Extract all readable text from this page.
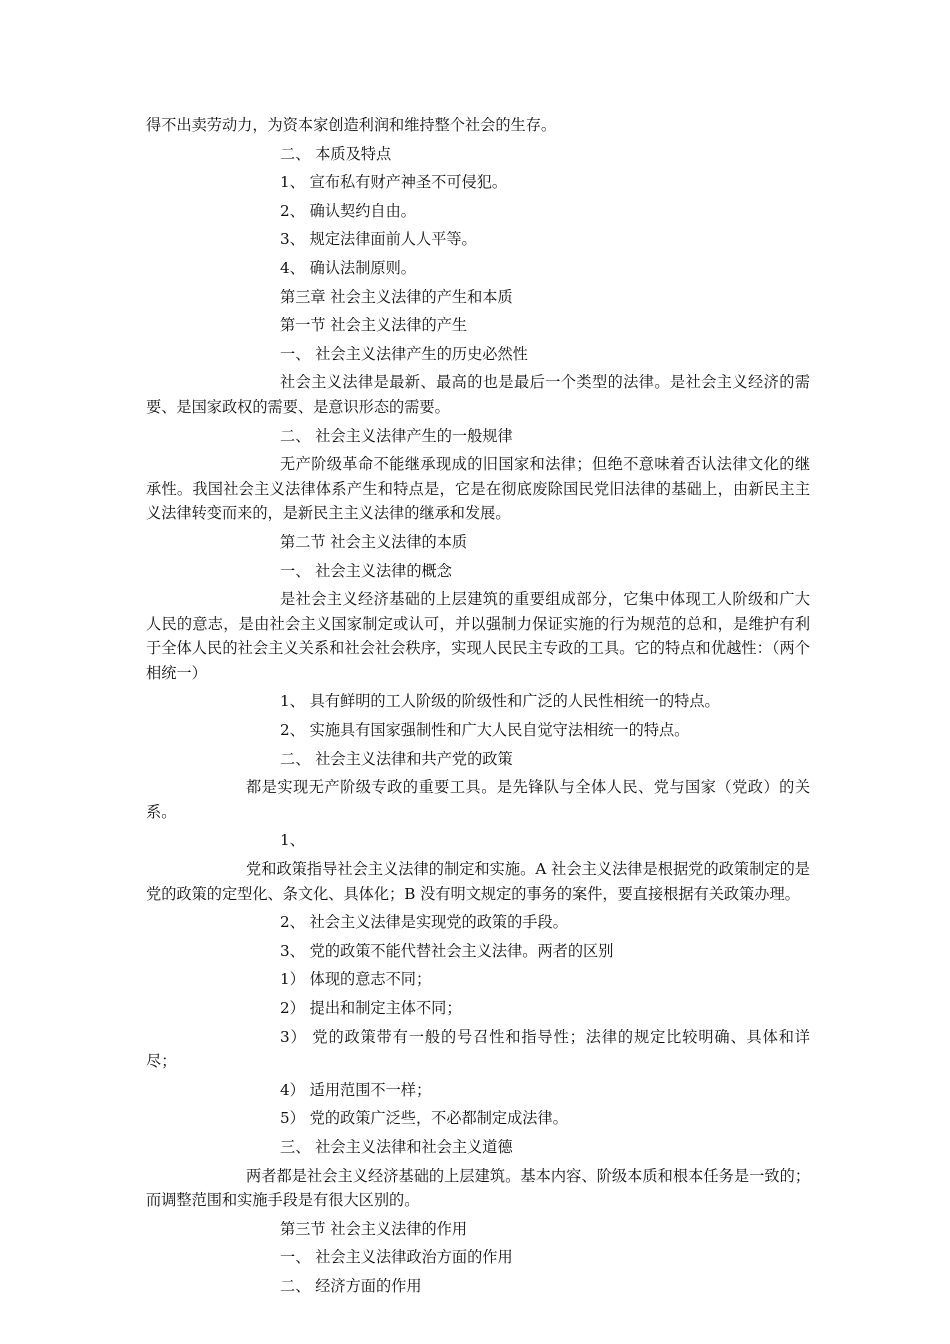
得不出卖劳动力，为资本家创造利润和维持整个社会的生存。
二、 本质及特点
1、 宣布私有财产神圣不可侵犯。
2、 确认契约自由。
3、 规定法律面前人人平等。
4、 确认法制原则。
第三章 社会主义法律的产生和本质
第一节 社会主义法律的产生
一、 社会主义法律产生的历史必然性
社会主义法律是最新、最高的也是最后一个类型的法律。是社会主义经济的需要、是国家政权的需要、是意识形态的需要。
二、 社会主义法律产生的一般规律
无产阶级革命不能继承现成的旧国家和法律；但绝不意味着否认法律文化的继承性。我国社会主义法律体系产生和特点是，它是在彻底废除国民党旧法律的基础上，由新民主主义法律转变而来的，是新民主主义法律的继承和发展。
第二节 社会主义法律的本质
一、 社会主义法律的概念
是社会主义经济基础的上层建筑的重要组成部分，它集中体现工人阶级和广大人民的意志，是由社会主义国家制定或认可，并以强制力保证实施的行为规范的总和，是维护有利于全体人民的社会主义关系和社会社会秩序，实现人民民主专政的工具。它的特点和优越性：（两个相统一）
1、 具有鲜明的工人阶级的阶级性和广泛的人民性相统一的特点。
2、 实施具有国家强制性和广大人民自觉守法相统一的特点。
二、 社会主义法律和共产党的政策
都是实现无产阶级专政的重要工具。是先锋队与全体人民、党与国家（党政）的关系。
1、
党和政策指导社会主义法律的制定和实施。A 社会主义法律是根据党的政策制定的是党的政策的定型化、条文化、具体化；B 没有明文规定的事务的案件，要直接根据有关政策办理。
2、 社会主义法律是实现党的政策的手段。
3、 党的政策不能代替社会主义法律。两者的区别
1） 体现的意志不同；
2） 提出和制定主体不同；
3） 党的政策带有一般的号召性和指导性；法律的规定比较明确、具体和详尽；
4） 适用范围不一样；
5） 党的政策广泛些，不必都制定成法律。
三、 社会主义法律和社会主义道德
两者都是社会主义经济基础的上层建筑。基本内容、阶级本质和根本任务是一致的；而调整范围和实施手段是有很大区别的。
第三节 社会主义法律的作用
一、 社会主义法律政治方面的作用
二、 经济方面的作用
